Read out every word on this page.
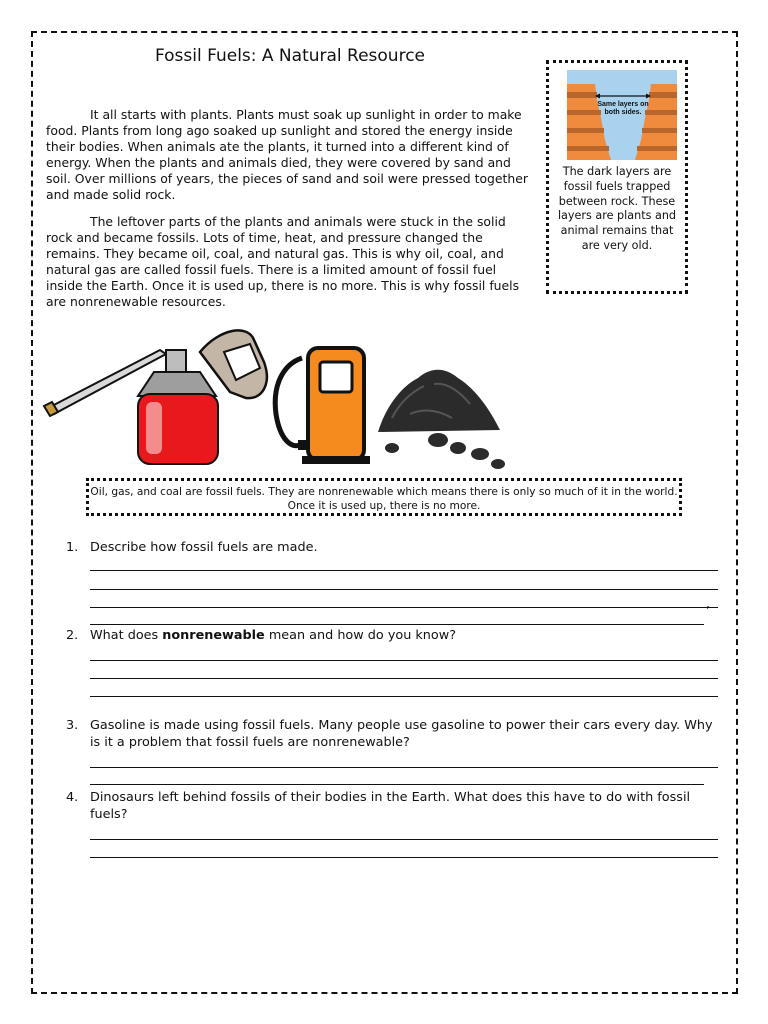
Fossil Fuels: A Natural Resource

It all starts with plants. Plants must soak up sunlight in order to make food. Plants from long ago soaked up sunlight and stored the energy inside their bodies. When animals ate the plants, it turned into a different kind of energy. When the plants and animals died, they were covered by sand and soil. Over millions of years, the pieces of sand and soil were pressed together and made solid rock.

The leftover parts of the plants and animals were stuck in the solid rock and became fossils. Lots of time, heat, and pressure changed the remains. They became oil, coal, and natural gas. This is why oil, coal, and natural gas are called fossil fuels. There is a limited amount of fossil fuel inside the Earth. Once it is used up, there is no more. This is why fossil fuels are nonrenewable resources.

Same layers on
both sides.
The dark layers are fossil fuels trapped between rock. These layers are plants and animal remains that are very old.
Oil, gas, and coal are fossil fuels. They are nonrenewable which means there is only so much of it in the world. Once it is used up, there is no more.
1. Describe how fossil fuels are made.
’
2. What does nonrenewable mean and how do you know?
3. Gasoline is made using fossil fuels. Many people use gasoline to power their cars every day. Why is it a problem that fossil fuels are nonrenewable?
4. Dinosaurs left behind fossils of their bodies in the Earth. What does this have to do with fossil fuels?
